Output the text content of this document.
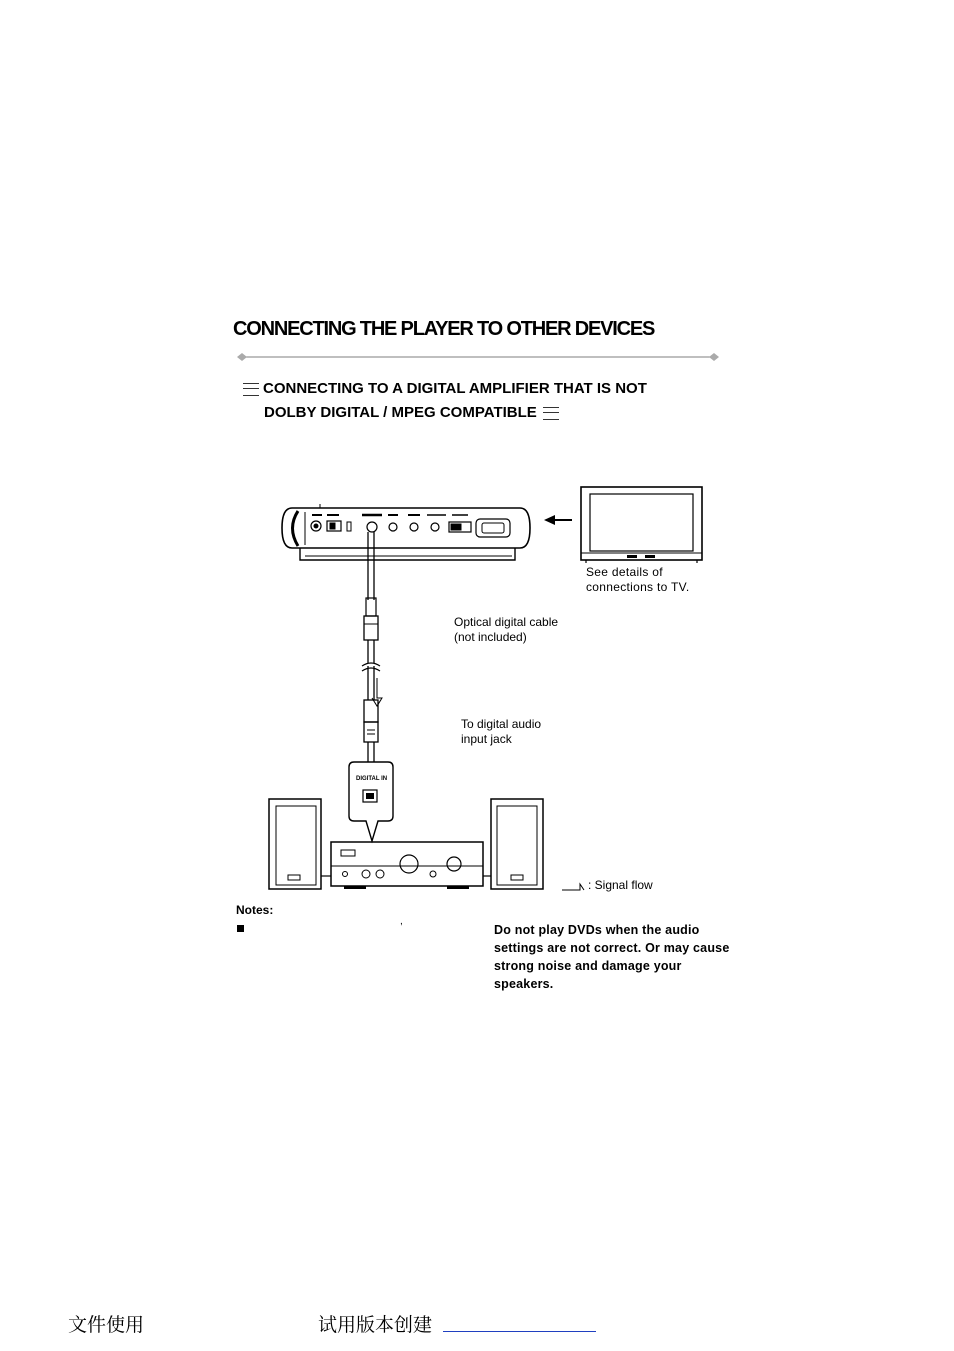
CONNECTING THE PLAYER TO OTHER DEVICES
CONNECTING TO A DIGITAL AMPLIFIER THAT IS NOT
DOLBY DIGITAL / MPEG COMPATIBLE
DIGITAL IN
See details of
connections to TV.
Optical digital cable
(not included)
To digital audio
input jack
: Signal flow
Notes:
,
Do not play DVDs when the audio settings are not correct. Or may cause strong noise and damage your speakers.
文件使用	试用版本创建
